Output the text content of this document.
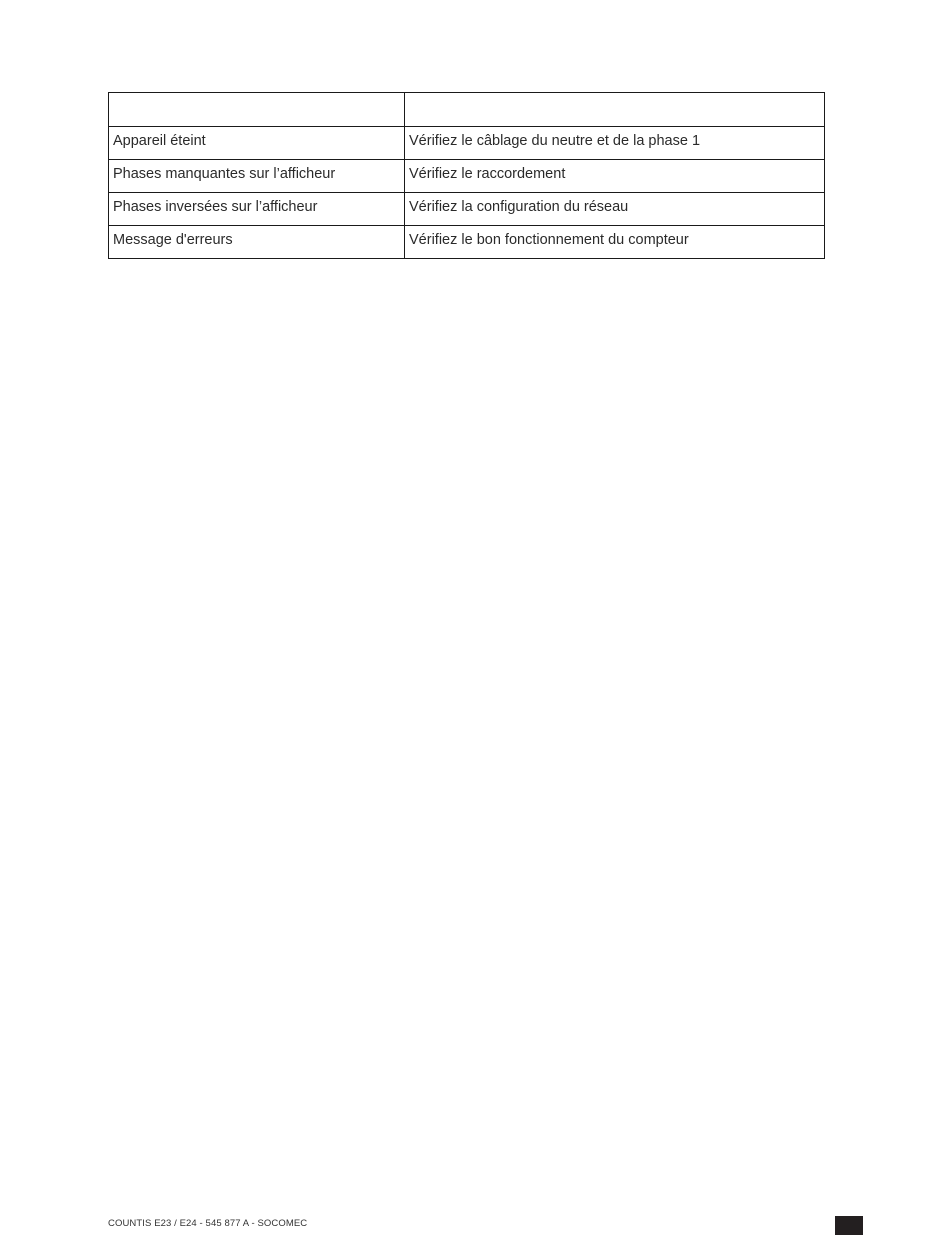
Appareil éteint	Vérifiez le câblage du neutre et de la phase 1
Phases manquantes sur l’afficheur	Vérifiez le raccordement
Phases inversées sur l’afficheur	Vérifiez la configuration du réseau
Message d'erreurs	Vérifiez le bon fonctionnement du compteur
COUNTIS E23 / E24 - 545 877 A - SOCOMEC
